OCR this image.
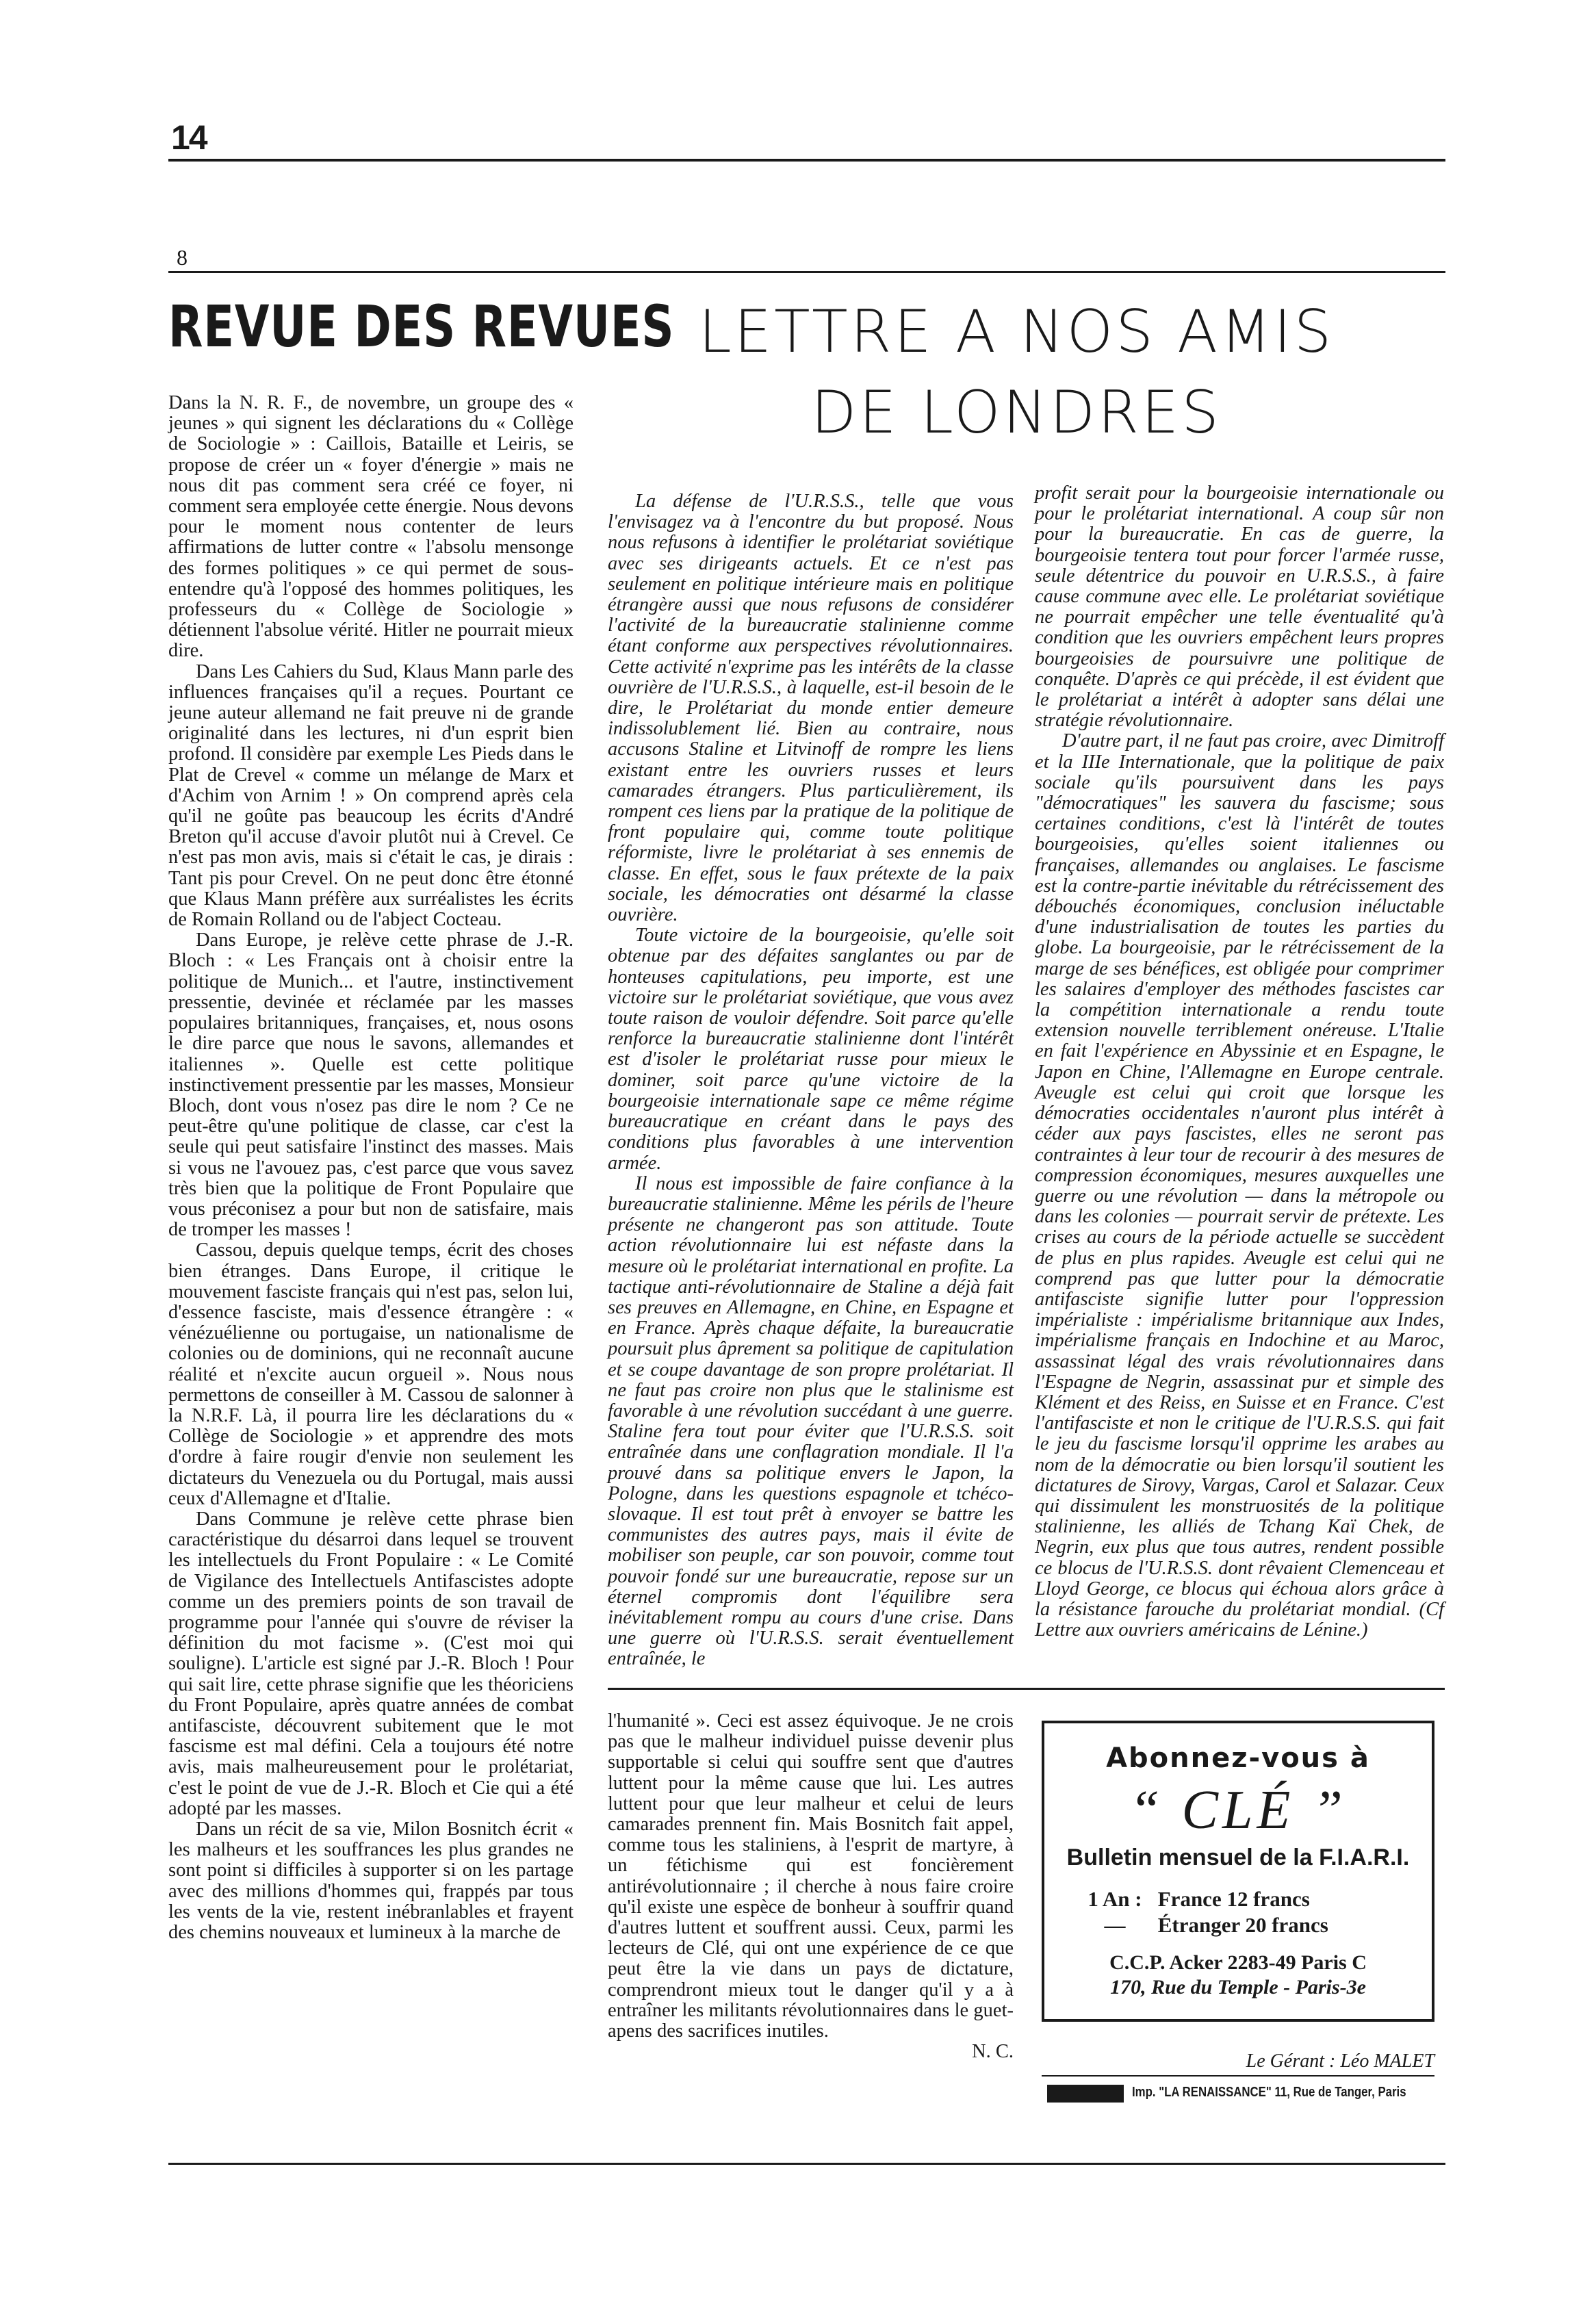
14
8
REVUE DES REVUES LETTRE A NOS AMIS
DE LONDRES

Dans la N. R. F., de novembre, un groupe des « jeunes » qui signent les déclarations du « Collège de Sociologie » : Caillois, Bataille et Leiris, se propose de créer un « foyer d'énergie » mais ne nous dit pas comment sera créé ce foyer, ni comment sera employée cette énergie. Nous devons pour le moment nous contenter de leurs affirmations de lutter contre « l'absolu mensonge des formes politiques » ce qui permet de sous-entendre qu'à l'opposé des hommes politiques, les professeurs du « Collège de Sociologie » détiennent l'absolue vérité. Hitler ne pourrait mieux dire.

Dans Les Cahiers du Sud, Klaus Mann parle des influences françaises qu'il a reçues. Pourtant ce jeune auteur allemand ne fait preuve ni de grande originalité dans les lectures, ni d'un esprit bien profond. Il considère par exemple Les Pieds dans le Plat de Crevel « comme un mélange de Marx et d'Achim von Arnim ! » On comprend après cela qu'il ne goûte pas beaucoup les écrits d'André Breton qu'il accuse d'avoir plutôt nui à Crevel. Ce n'est pas mon avis, mais si c'était le cas, je dirais : Tant pis pour Crevel. On ne peut donc être étonné que Klaus Mann préfère aux surréalistes les écrits de Romain Rolland ou de l'abject Cocteau.

Dans Europe, je relève cette phrase de J.-R. Bloch : « Les Français ont à choisir entre la politique de Munich... et l'autre, instinctivement pressentie, devinée et réclamée par les masses populaires britanniques, françaises, et, nous osons le dire parce que nous le savons, allemandes et italiennes ». Quelle est cette politique instinctivement pressentie par les masses, Monsieur Bloch, dont vous n'osez pas dire le nom ? Ce ne peut-être qu'une politique de classe, car c'est la seule qui peut satisfaire l'instinct des masses. Mais si vous ne l'avouez pas, c'est parce que vous savez très bien que la politique de Front Populaire que vous préconisez a pour but non de satisfaire, mais de tromper les masses !

Cassou, depuis quelque temps, écrit des choses bien étranges. Dans Europe, il critique le mouvement fasciste français qui n'est pas, selon lui, d'essence fasciste, mais d'essence étrangère : « vénézuélienne ou portugaise, un nationalisme de colonies ou de dominions, qui ne reconnaît aucune réalité et n'excite aucun orgueil ». Nous nous permettons de conseiller à M. Cassou de salonner à la N.R.F. Là, il pourra lire les déclarations du « Collège de Sociologie » et apprendre des mots d'ordre à faire rougir d'envie non seulement les dictateurs du Venezuela ou du Portugal, mais aussi ceux d'Allemagne et d'Italie.

Dans Commune je relève cette phrase bien caractéristique du désarroi dans lequel se trouvent les intellectuels du Front Populaire : « Le Comité de Vigilance des Intellectuels Antifascistes adopte comme un des premiers points de son travail de programme pour l'année qui s'ouvre de réviser la définition du mot facisme ». (C'est moi qui souligne). L'article est signé par J.-R. Bloch ! Pour qui sait lire, cette phrase signifie que les théoriciens du Front Populaire, après quatre années de combat antifasciste, découvrent subitement que le mot fascisme est mal défini. Cela a toujours été notre avis, mais malheureusement pour le prolétariat, c'est le point de vue de J.-R. Bloch et Cie qui a été adopté par les masses.

Dans un récit de sa vie, Milon Bosnitch écrit « les malheurs et les souffrances les plus grandes ne sont point si difficiles à supporter si on les partage avec des millions d'hommes qui, frappés par tous les vents de la vie, restent inébranlables et frayent des chemins nouveaux et lumineux à la marche de

La défense de l'U.R.S.S., telle que vous l'envisagez va à l'encontre du but proposé. Nous nous refusons à identifier le prolétariat soviétique avec ses dirigeants actuels. Et ce n'est pas seulement en politique intérieure mais en politique étrangère aussi que nous refusons de considérer l'activité de la bureaucratie stalinienne comme étant conforme aux perspectives révolutionnaires. Cette activité n'exprime pas les intérêts de la classe ouvrière de l'U.R.S.S., à laquelle, est-il besoin de le dire, le Prolétariat du monde entier demeure indissolublement lié. Bien au contraire, nous accusons Staline et Litvinoff de rompre les liens existant entre les ouvriers russes et leurs camarades étrangers. Plus particulièrement, ils rompent ces liens par la pratique de la politique de front populaire qui, comme toute politique réformiste, livre le prolétariat à ses ennemis de classe. En effet, sous le faux prétexte de la paix sociale, les démocraties ont désarmé la classe ouvrière.

Toute victoire de la bourgeoisie, qu'elle soit obtenue par des défaites sanglantes ou par de honteuses capitulations, peu importe, est une victoire sur le prolétariat soviétique, que vous avez toute raison de vouloir défendre. Soit parce qu'elle renforce la bureaucratie stalinienne dont l'intérêt est d'isoler le prolétariat russe pour mieux le dominer, soit parce qu'une victoire de la bourgeoisie internationale sape ce même régime bureaucratique en créant dans le pays des conditions plus favorables à une intervention armée.

Il nous est impossible de faire confiance à la bureaucratie stalinienne. Même les périls de l'heure présente ne changeront pas son attitude. Toute action révolutionnaire lui est néfaste dans la mesure où le prolétariat international en profite. La tactique anti-révolutionnaire de Staline a déjà fait ses preuves en Allemagne, en Chine, en Espagne et en France. Après chaque défaite, la bureaucratie poursuit plus âprement sa politique de capitulation et se coupe davantage de son propre prolétariat. Il ne faut pas croire non plus que le stalinisme est favorable à une révolution succédant à une guerre. Staline fera tout pour éviter que l'U.R.S.S. soit entraînée dans une conflagration mondiale. Il l'a prouvé dans sa politique envers le Japon, la Pologne, dans les questions espagnole et tchéco-slovaque. Il est tout prêt à envoyer se battre les communistes des autres pays, mais il évite de mobiliser son peuple, car son pouvoir, comme tout pouvoir fondé sur une bureaucratie, repose sur un éternel compromis dont l'équilibre sera inévitablement rompu au cours d'une crise. Dans une guerre où l'U.R.S.S. serait éventuellement entraînée, le

profit serait pour la bourgeoisie internationale ou pour le prolétariat international. A coup sûr non pour la bureaucratie. En cas de guerre, la bourgeoisie tentera tout pour forcer l'armée russe, seule détentrice du pouvoir en U.R.S.S., à faire cause commune avec elle. Le prolétariat soviétique ne pourrait empêcher une telle éventualité qu'à condition que les ouvriers empêchent leurs propres bourgeoisies de poursuivre une politique de conquête. D'après ce qui précède, il est évident que le prolétariat a intérêt à adopter sans délai une stratégie révolutionnaire.

D'autre part, il ne faut pas croire, avec Dimitroff et la IIIe Internationale, que la politique de paix sociale qu'ils poursuivent dans les pays "démocratiques" les sauvera du fascisme; sous certaines conditions, c'est là l'intérêt de toutes bourgeoisies, qu'elles soient italiennes ou françaises, allemandes ou anglaises. Le fascisme est la contre-partie inévitable du rétrécissement des débouchés économiques, conclusion inéluctable d'une industrialisation de toutes les parties du globe. La bourgeoisie, par le rétrécissement de la marge de ses bénéfices, est obligée pour comprimer les salaires d'employer des méthodes fascistes car la compétition internationale a rendu toute extension nouvelle terriblement onéreuse. L'Italie en fait l'expérience en Abyssinie et en Espagne, le Japon en Chine, l'Allemagne en Europe centrale. Aveugle est celui qui croit que lorsque les démocraties occidentales n'auront plus intérêt à céder aux pays fascistes, elles ne seront pas contraintes à leur tour de recourir à des mesures de compression économiques, mesures auxquelles une guerre ou une révolution — dans la métropole ou dans les colonies — pourrait servir de prétexte. Les crises au cours de la période actuelle se succèdent de plus en plus rapides. Aveugle est celui qui ne comprend pas que lutter pour la démocratie antifasciste signifie lutter pour l'oppression impérialiste : impérialisme britannique aux Indes, impérialisme français en Indochine et au Maroc, assassinat légal des vrais révolutionnaires dans l'Espagne de Negrin, assassinat pur et simple des Klément et des Reiss, en Suisse et en France. C'est l'antifasciste et non le critique de l'U.R.S.S. qui fait le jeu du fascisme lorsqu'il opprime les arabes au nom de la démocratie ou bien lorsqu'il soutient les dictatures de Sirovy, Vargas, Carol et Salazar. Ceux qui dissimulent les monstruosités de la politique stalinienne, les alliés de Tchang Kaï Chek, de Negrin, eux plus que tous autres, rendent possible ce blocus de l'U.R.S.S. dont rêvaient Clemenceau et Lloyd George, ce blocus qui échoua alors grâce à la résistance farouche du prolétariat mondial. (Cf Lettre aux ouvriers américains de Lénine.)

l'humanité ». Ceci est assez équivoque. Je ne crois pas que le malheur individuel puisse devenir plus supportable si celui qui souffre sent que d'autres luttent pour la même cause que lui. Les autres luttent pour que leur malheur et celui de leurs camarades prennent fin. Mais Bosnitch fait appel, comme tous les staliniens, à l'esprit de martyre, à un fétichisme qui est foncièrement antirévolutionnaire ; il cherche à nous faire croire qu'il existe une espèce de bonheur à souffrir quand d'autres luttent et souffrent aussi. Ceux, parmi les lecteurs de Clé, qui ont une expérience de ce que peut être la vie dans un pays de dictature, comprendront mieux tout le danger qu'il y a à entraîner les militants révolutionnaires dans le guet-apens des sacrifices inutiles.

N. C.
Abonnez-vous à
“ CLÉ ”
Bulletin mensuel de la F.I.A.R.I.
1 An : France 12 francs
— Étranger 20 francs
C.C.P. Acker 2283-49 Paris C
170, Rue du Temple - Paris-3e
Le Gérant : Léo MALET
Imp. "LA RENAISSANCE" 11, Rue de Tanger, Paris
